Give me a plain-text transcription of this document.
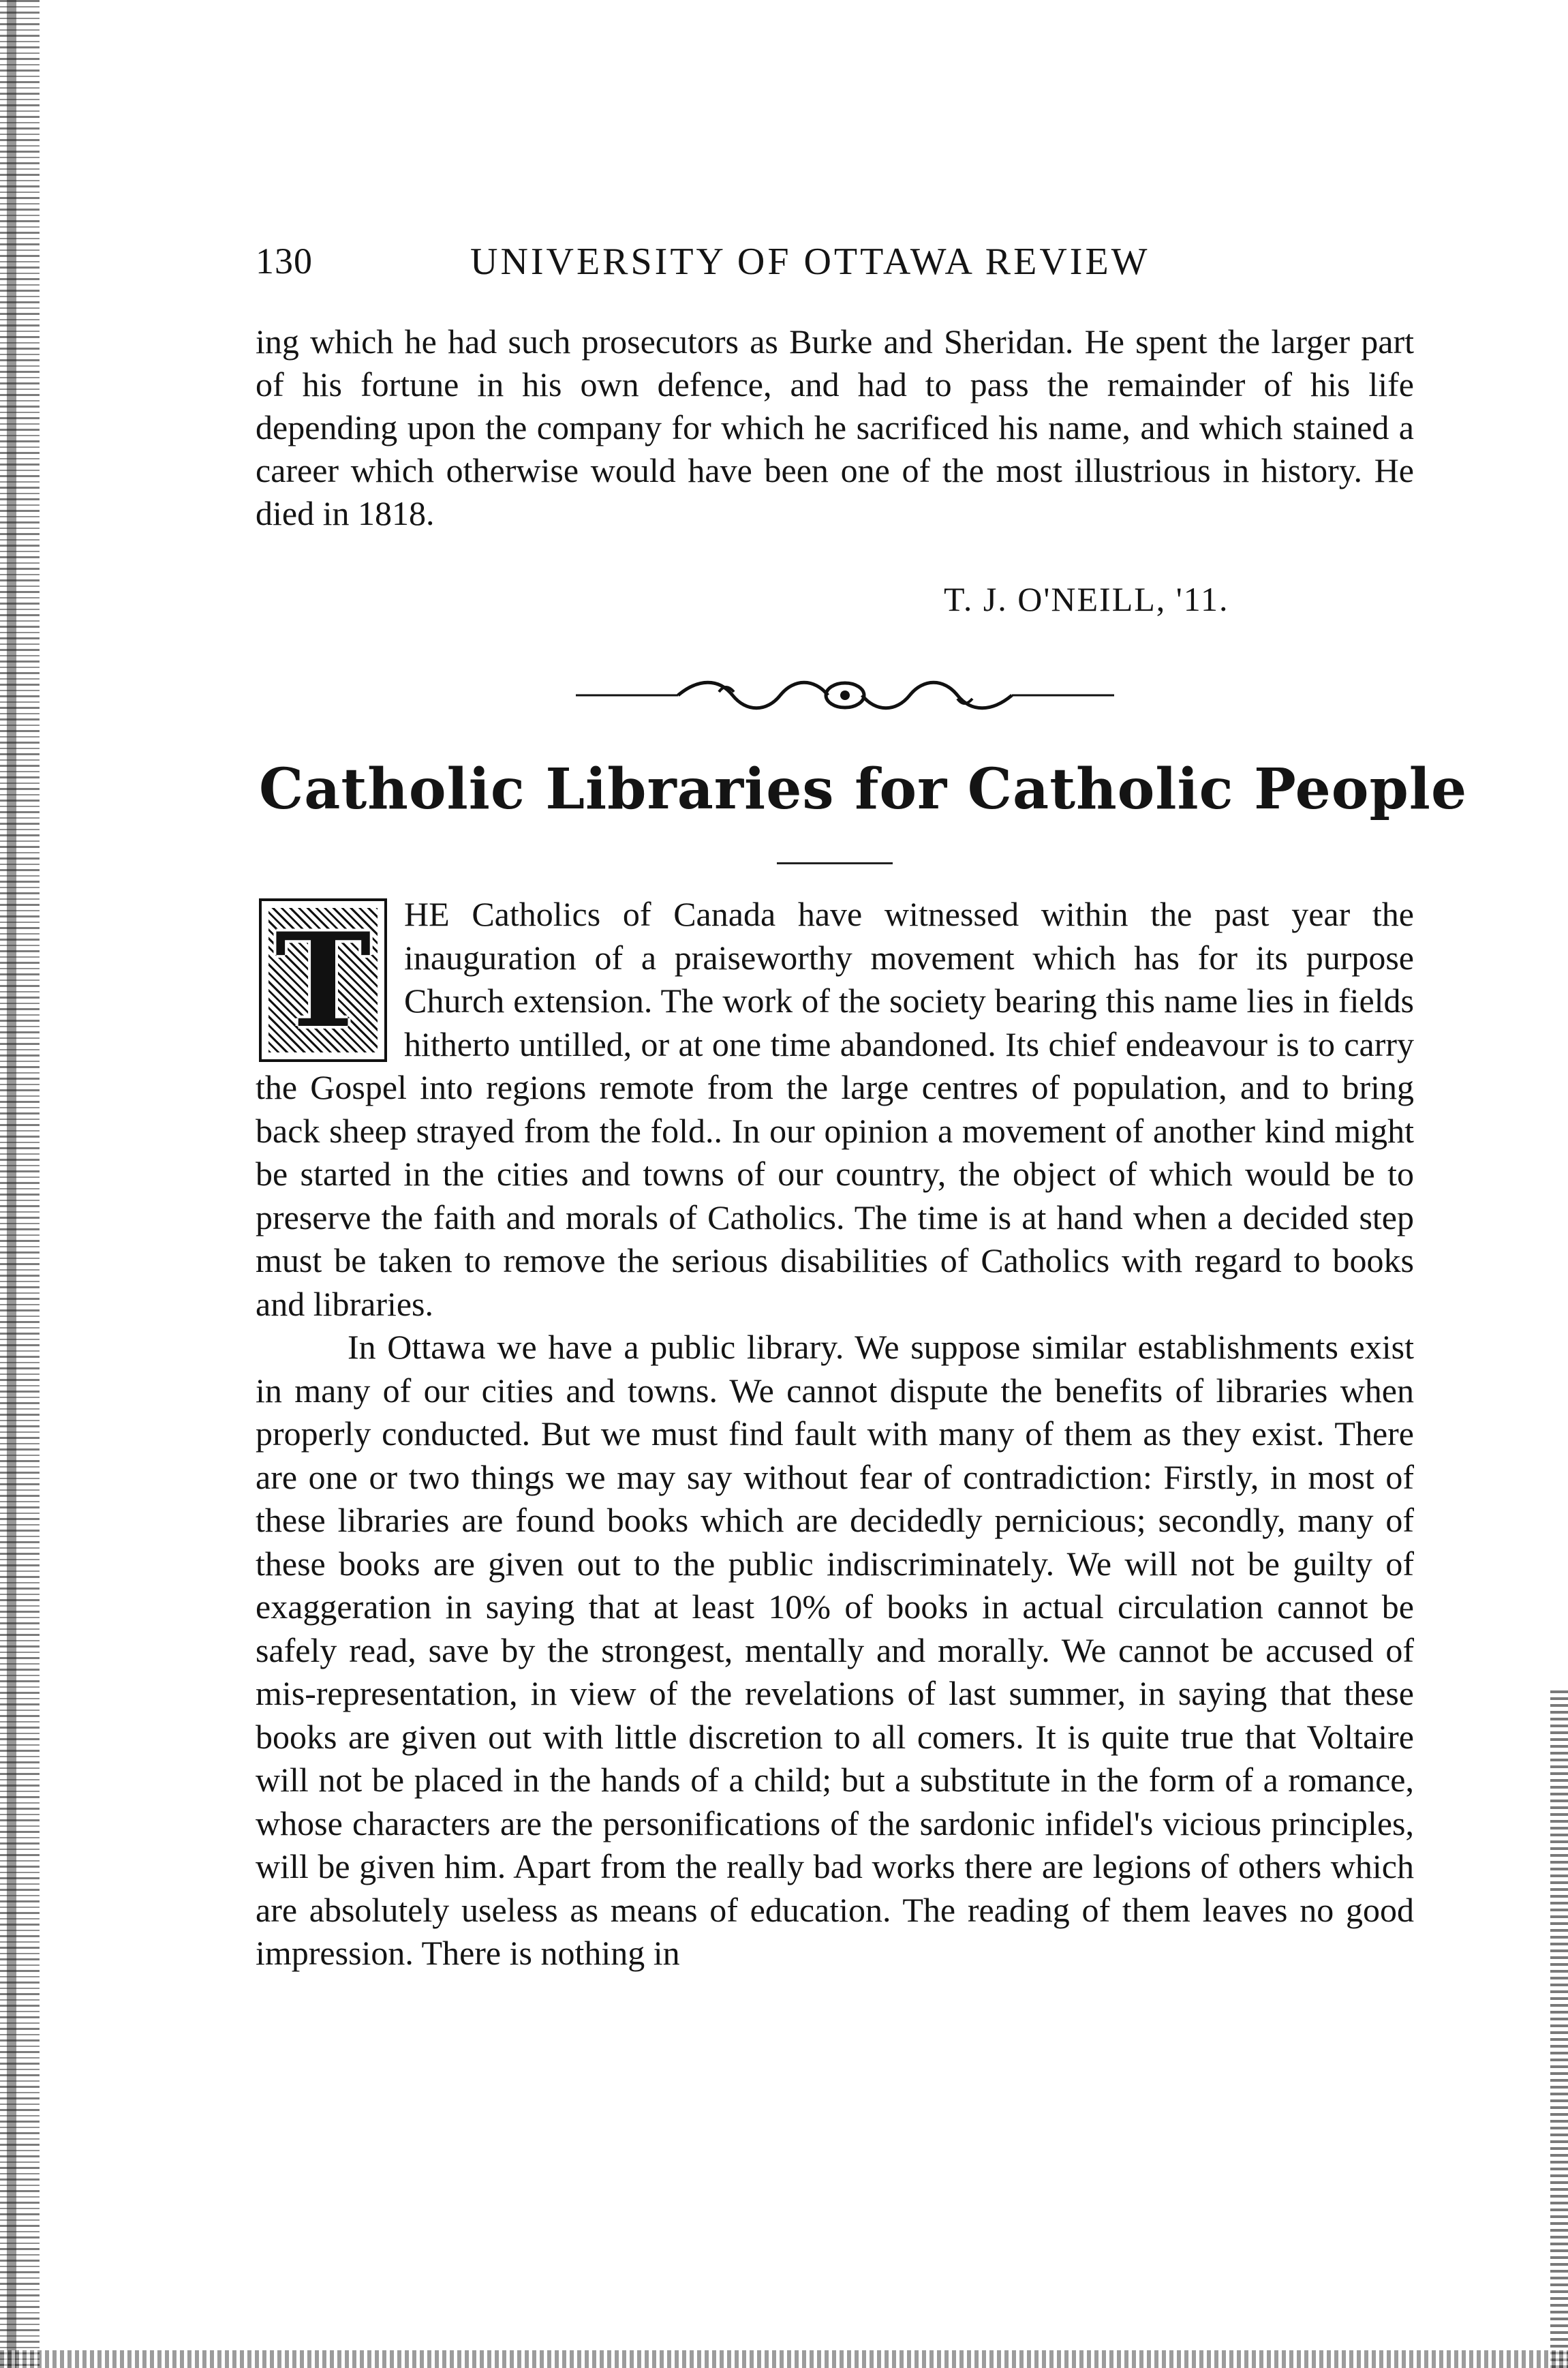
130	UNIVERSITY OF OTTAWA REVIEW

ing which he had such prosecutors as Burke and Sheridan. He spent the larger part of his fortune in his own defence, and had to pass the remainder of his life depending upon the company for which he sacrificed his name, and which stained a career which otherwise would have been one of the most illustrious in history. He died in 1818.

T. J. O'NEILL, '11.
Catholic Libraries for Catholic People
T HE Catholics of Canada have witnessed within the past year the inauguration of a praiseworthy movement which has for its purpose Church extension. The work of the society bearing this name lies in fields hitherto untilled, or at one time abandoned. Its chief endeavour is to carry the Gospel into regions remote from the large centres of population, and to bring back sheep strayed from the fold.. In our opinion a movement of another kind might be started in the cities and towns of our country, the object of which would be to preserve the faith and morals of Catholics. The time is at hand when a decided step must be taken to remove the serious disabilities of Catholics with regard to books and libraries.

In Ottawa we have a public library. We suppose similar establishments exist in many of our cities and towns. We cannot dispute the benefits of libraries when properly conducted. But we must find fault with many of them as they exist. There are one or two things we may say without fear of contradiction: Firstly, in most of these libraries are found books which are decidedly pernicious; secondly, many of these books are given out to the public indiscriminately. We will not be guilty of exaggeration in saying that at least 10% of books in actual circulation cannot be safely read, save by the strongest, mentally and morally. We cannot be accused of mis-representation, in view of the revelations of last summer, in saying that these books are given out with little discretion to all comers. It is quite true that Voltaire will not be placed in the hands of a child; but a substitute in the form of a romance, whose characters are the personifications of the sardonic infidel's vicious principles, will be given him. Apart from the really bad works there are legions of others which are absolutely useless as means of education. The reading of them leaves no good impression. There is nothing in
